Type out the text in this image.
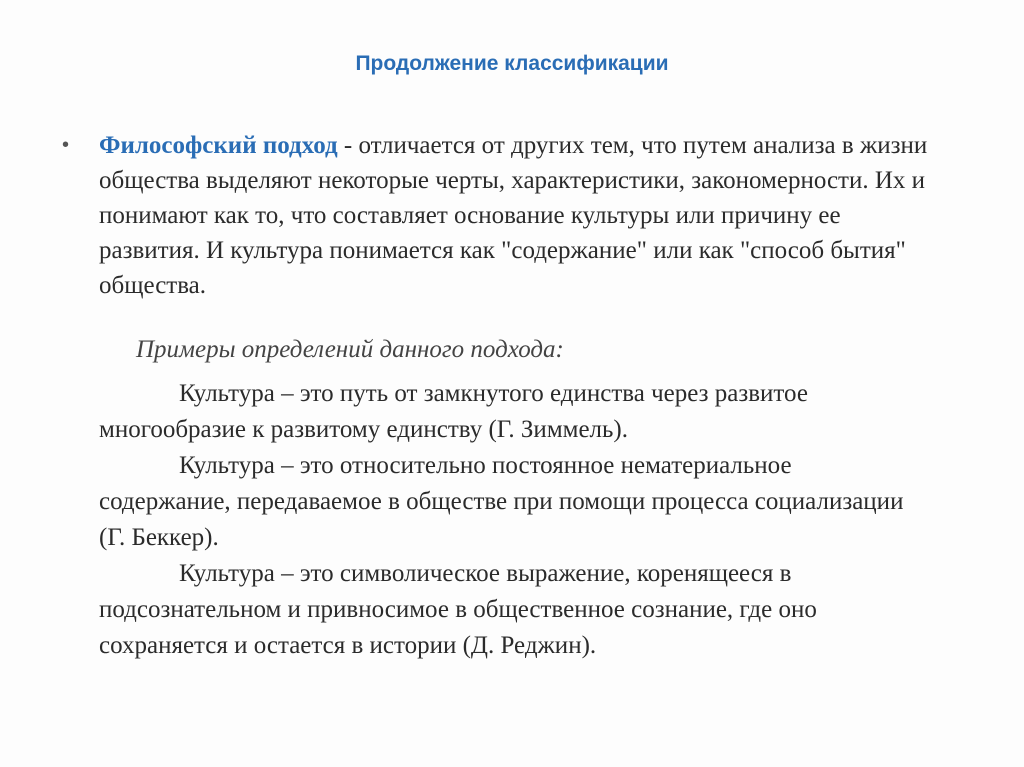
Продолжение классификации
• Философский подход - отличается от других тем, что путем анализа в жизни общества выделяют некоторые черты, характеристики, закономерности. Их и понимают как то, что составляет основание культуры или причину ее развития. И культура понимается как "содержание" или как "способ бытия" общества.
Примеры определений данного подхода:

Культура – это путь от замкнутого единства через развитое многообразие к развитому единству (Г. Зиммель).

Культура – это относительно постоянное нематериальное содержание, передаваемое в обществе при помощи процесса социализации (Г. Беккер).

Культура – это символическое выражение, коренящееся в подсознательном и привносимое в общественное сознание, где оно сохраняется и остается в истории (Д. Реджин).
